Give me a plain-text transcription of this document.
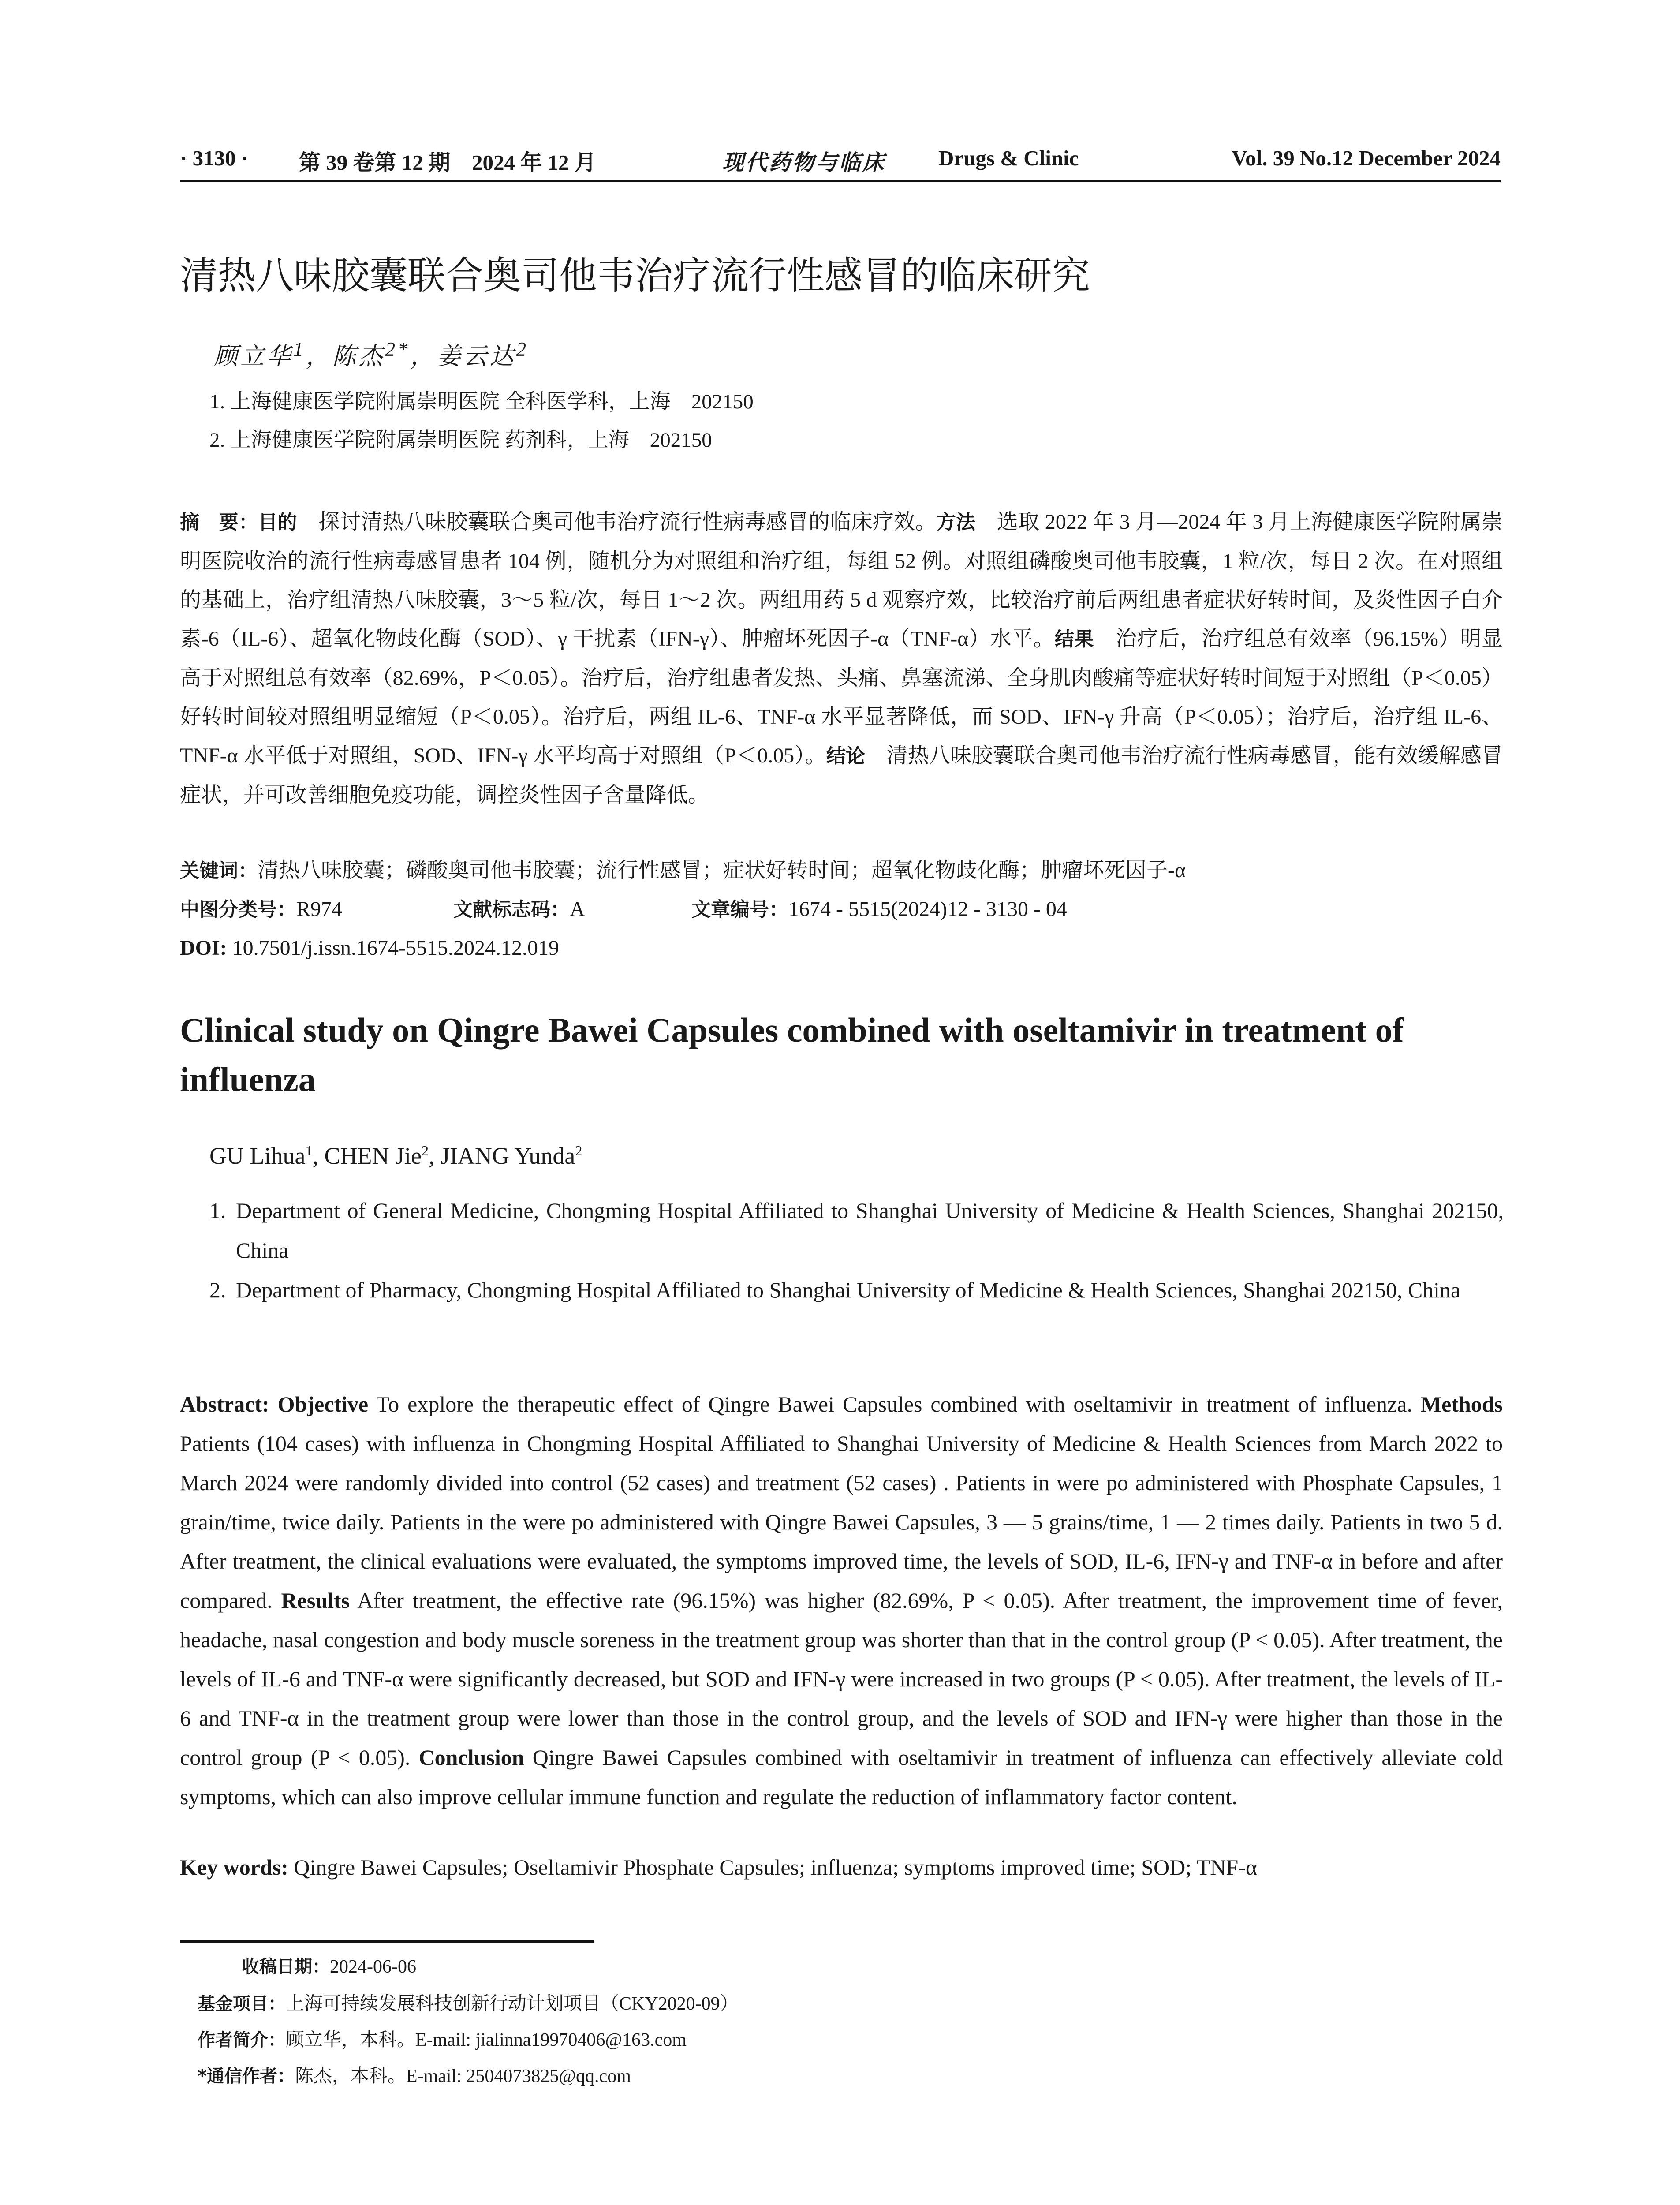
· 3130 · 第 39 卷第 12 期　2024 年 12 月	现代药物与临床 Drugs & Clinic	Vol. 39 No.12 December 2024
清热八味胶囊联合奥司他韦治疗流行性感冒的临床研究
顾立华$^1$，陈杰$^{2*}$，姜云达$^2$
1. 上海健康医学院附属崇明医院 全科医学科，上海　202150
2. 上海健康医学院附属崇明医院 药剂科，上海　202150
摘　要：目的　探讨清热八味胶囊联合奥司他韦治疗流行性病毒感冒的临床疗效。方法　选取 2022 年 3 月—2024 年 3 月上海健康医学院附属崇明医院收治的流行性病毒感冒患者 104 例，随机分为对照组和治疗组，每组 52 例。对照组磷酸奥司他韦胶囊，1 粒/次，每日 2 次。在对照组的基础上，治疗组清热八味胶囊，3～5 粒/次，每日 1～2 次。两组用药 5 d 观察疗效，比较治疗前后两组患者症状好转时间，及炎性因子白介素-6（IL-6）、超氧化物歧化酶（SOD）、γ 干扰素（IFN-γ）、肿瘤坏死因子-α（TNF-α）水平。结果　治疗后，治疗组总有效率（96.15%）明显高于对照组总有效率（82.69%，P＜0.05）。治疗后，治疗组患者发热、头痛、鼻塞流涕、全身肌肉酸痛等症状好转时间短于对照组（P＜0.05）好转时间较对照组明显缩短（P＜0.05）。治疗后，两组 IL-6、TNF-α 水平显著降低，而 SOD、IFN-γ 升高（P＜0.05）；治疗后，治疗组 IL-6、TNF-α 水平低于对照组，SOD、IFN-γ 水平均高于对照组（P＜0.05）。结论　清热八味胶囊联合奥司他韦治疗流行性病毒感冒，能有效缓解感冒症状，并可改善细胞免疫功能，调控炎性因子含量降低。
关键词：清热八味胶囊；磷酸奥司他韦胶囊；流行性感冒；症状好转时间；超氧化物歧化酶；肿瘤坏死因子-α
中图分类号：R974	文献标志码：A	文章编号：1674 - 5515(2024)12 - 3130 - 04
DOI: 10.7501/j.issn.1674-5515.2024.12.019
Clinical study on Qingre Bawei Capsules combined with oseltamivir in treatment of influenza
GU Lihua$^1$, CHEN Jie$^2$, JIANG Yunda$^2$
1. Department of General Medicine, Chongming Hospital Affiliated to Shanghai University of Medicine & Health Sciences, Shanghai 202150, China
2. Department of Pharmacy, Chongming Hospital Affiliated to Shanghai University of Medicine & Health Sciences, Shanghai 202150, China
Abstract: Objective To explore the therapeutic effect of Qingre Bawei Capsules combined with oseltamivir in treatment of influenza. Methods Patients (104 cases) with influenza in Chongming Hospital Affiliated to Shanghai University of Medicine & Health Sciences from March 2022 to March 2024 were randomly divided into control (52 cases) and treatment (52 cases) . Patients in were po administered with Phosphate Capsules, 1 grain/time, twice daily. Patients in the were po administered with Qingre Bawei Capsules, 3 — 5 grains/time, 1 — 2 times daily. Patients in two 5 d. After treatment, the clinical evaluations were evaluated, the symptoms improved time, the levels of SOD, IL-6, IFN-γ and TNF-α in before and after compared. Results After treatment, the effective rate (96.15%) was higher (82.69%, P < 0.05). After treatment, the improvement time of fever, headache, nasal congestion and body muscle soreness in the treatment group was shorter than that in the control group (P < 0.05). After treatment, the levels of IL-6 and TNF-α were significantly decreased, but SOD and IFN-γ were increased in two groups (P < 0.05). After treatment, the levels of IL-6 and TNF-α in the treatment group were lower than those in the control group, and the levels of SOD and IFN-γ were higher than those in the control group (P < 0.05). Conclusion Qingre Bawei Capsules combined with oseltamivir in treatment of influenza can effectively alleviate cold symptoms, which can also improve cellular immune function and regulate the reduction of inflammatory factor content.
Key words: Qingre Bawei Capsules; Oseltamivir Phosphate Capsules; influenza; symptoms improved time; SOD; TNF-α
收稿日期：2024-06-06
基金项目：上海可持续发展科技创新行动计划项目（CKY2020-09）
作者简介：顾立华，本科。E-mail: jialinna19970406@163.com
*通信作者：陈杰，本科。E-mail: 2504073825@qq.com
